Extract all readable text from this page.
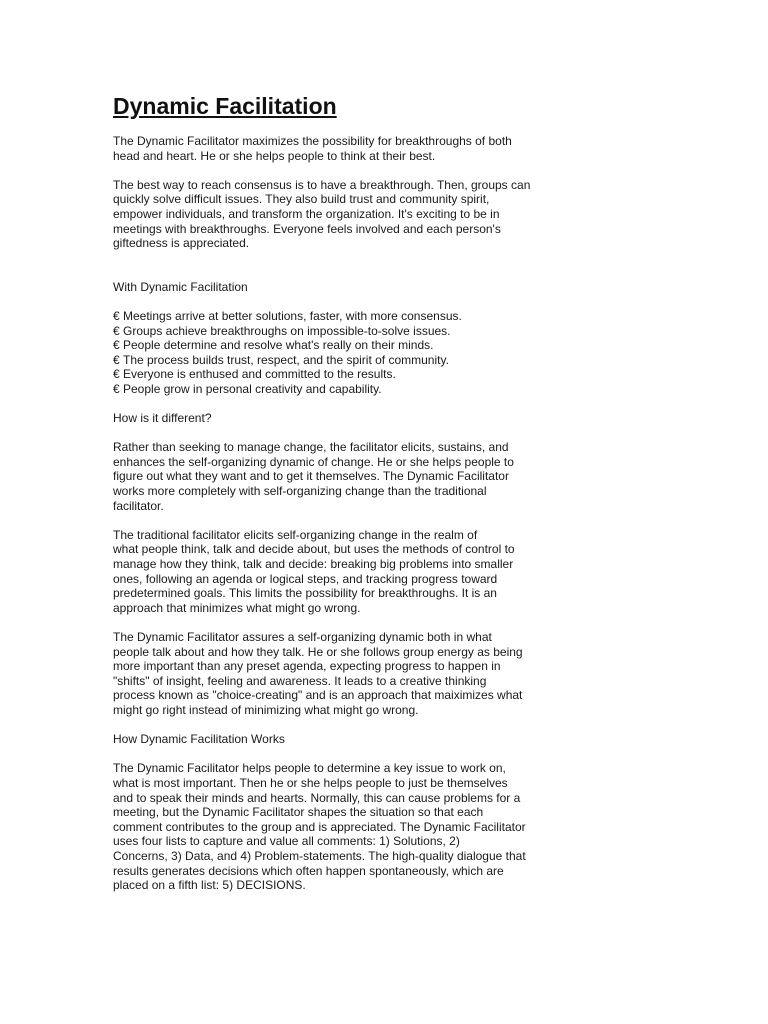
Dynamic Facilitation

The Dynamic Facilitator maximizes the possibility for breakthroughs of both
head and heart. He or she helps people to think at their best.

The best way to reach consensus is to have a breakthrough. Then, groups can
quickly solve difficult issues. They also build trust and community spirit,
empower individuals, and transform the organization. It's exciting to be in
meetings with breakthroughs. Everyone feels involved and each person's
giftedness is appreciated.

With Dynamic Facilitation

€ Meetings arrive at better solutions, faster, with more consensus.
€ Groups achieve breakthroughs on impossible-to-solve issues.
€ People determine and resolve what's really on their minds.
€ The process builds trust, respect, and the spirit of community.
€ Everyone is enthused and committed to the results.
€ People grow in personal creativity and capability.

How is it different?

Rather than seeking to manage change, the facilitator elicits, sustains, and
enhances the self-organizing dynamic of change. He or she helps people to
figure out what they want and to get it themselves. The Dynamic Facilitator
works more completely with self-organizing change than the traditional
facilitator.

The traditional facilitator elicits self-organizing change in the realm of
what people think, talk and decide about, but uses the methods of control to
manage how they think, talk and decide: breaking big problems into smaller
ones, following an agenda or logical steps, and tracking progress toward
predetermined goals. This limits the possibility for breakthroughs. It is an
approach that minimizes what might go wrong.

The Dynamic Facilitator assures a self-organizing dynamic both in what
people talk about and how they talk. He or she follows group energy as being
more important than any preset agenda, expecting progress to happen in
"shifts" of insight, feeling and awareness. It leads to a creative thinking
process known as "choice-creating" and is an approach that maiximizes what
might go right instead of minimizing what might go wrong.

How Dynamic Facilitation Works

The Dynamic Facilitator helps people to determine a key issue to work on,
what is most important. Then he or she helps people to just be themselves
and to speak their minds and hearts. Normally, this can cause problems for a
meeting, but the Dynamic Facilitator shapes the situation so that each
comment contributes to the group and is appreciated. The Dynamic Facilitator
uses four lists to capture and value all comments: 1) Solutions, 2)
Concerns, 3) Data, and 4) Problem-statements. The high-quality dialogue that
results generates decisions which often happen spontaneously, which are
placed on a fifth list: 5) DECISIONS.
